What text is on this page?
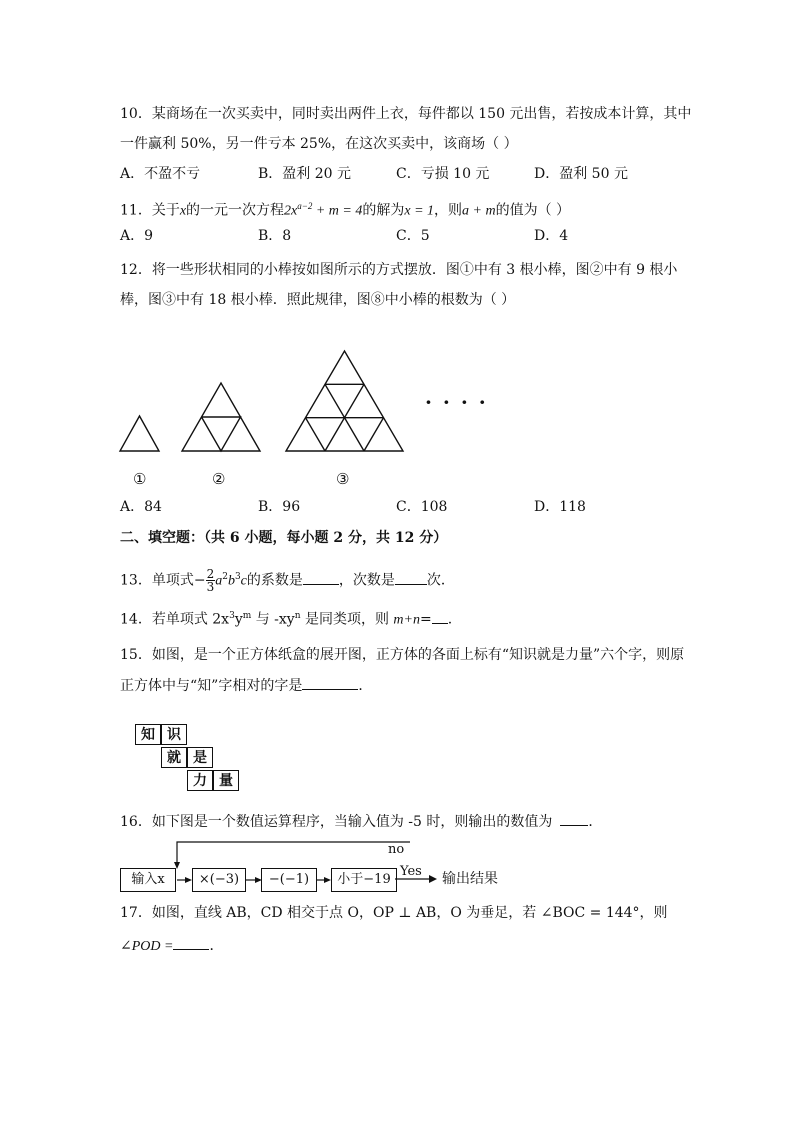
10．某商场在一次买卖中，同时卖出两件上衣，每件都以 150 元出售，若按成本计算，其中
一件赢利 50%，另一件亏本 25%，在这次买卖中，该商场（ ）
A．不盈不亏	B．盈利 20 元	C．亏损 10 元	D．盈利 50 元
11．关于x的一元一次方程$2x^{a-2} + m = 4$的解为x = 1，则a + m的值为（ ）
A．9	B．8	C．5	D．4
12．将一些形状相同的小棒按如图所示的方式摆放．图①中有 3 根小棒，图②中有 9 根小
棒，图③中有 18 根小棒．照此规律，图⑧中小棒的根数为（ ）
· · · ·
①	②	③
A．84	B．96	C．108	D．118
二、填空题：（共 6 小题，每小题 2 分，共 12 分）
13．单项式− $\frac{2}{3} a^2b^3c$的系数是	，次数是 次．
14．若单项式 $2x^3y^m$ 与 $-xy^n$ 是同类项，则 m+n= .
15．如图，是一个正方体纸盒的展开图，正方体的各面上标有“知识就是力量”六个字，则原
正方体中与“知”字相对的字是	．
知 识
就 是
力 量
16．如下图是一个数值运算程序，当输入值为 -5 时，则输出的数值为	．
输入x	×(−3)	−(−1)	小于−19
no
Yes 输出结果
17．如图，直线 AB，CD 相交于点 O，OP ⊥ AB，O 为垂足，若 ∠BOC = 144°，则
∠POD =	．
